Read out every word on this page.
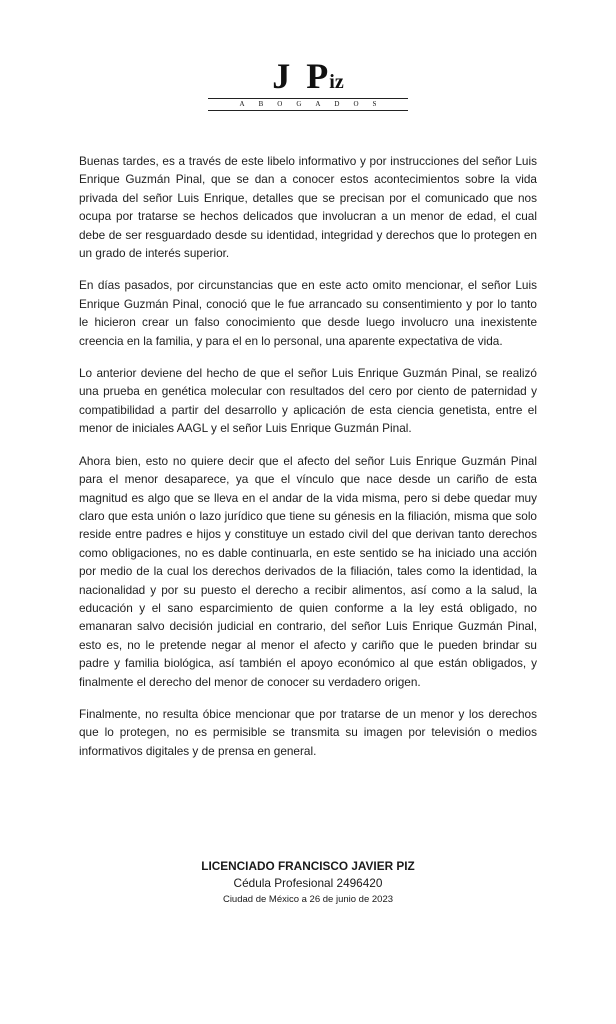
J Piz
ABOGADOS

Buenas tardes, es a través de este libelo informativo y por instrucciones del señor Luis Enrique Guzmán Pinal, que se dan a conocer estos acontecimientos sobre la vida privada del señor Luis Enrique, detalles que se precisan por el comunicado que nos ocupa por tratarse se hechos delicados que involucran a un menor de edad, el cual debe de ser resguardado desde su identidad, integridad y derechos que lo protegen en un grado de interés superior.

En días pasados, por circunstancias que en este acto omito mencionar, el señor Luis Enrique Guzmán Pinal, conoció que le fue arrancado su consentimiento y por lo tanto le hicieron crear un falso conocimiento que desde luego involucro una inexistente creencia en la familia, y para el en lo personal, una aparente expectativa de vida.

Lo anterior deviene del hecho de que el señor Luis Enrique Guzmán Pinal, se realizó una prueba en genética molecular con resultados del cero por ciento de paternidad y compatibilidad a partir del desarrollo y aplicación de esta ciencia genetista, entre el menor de iniciales AAGL y el señor Luis Enrique Guzmán Pinal.

Ahora bien, esto no quiere decir que el afecto del señor Luis Enrique Guzmán Pinal para el menor desaparece, ya que el vínculo que nace desde un cariño de esta magnitud es algo que se lleva en el andar de la vida misma, pero si debe quedar muy claro que esta unión o lazo jurídico que tiene su génesis en la filiación, misma que solo reside entre padres e hijos y constituye un estado civil del que derivan tanto derechos como obligaciones, no es dable continuarla, en este sentido se ha iniciado una acción por medio de la cual los derechos derivados de la filiación, tales como la identidad, la nacionalidad y por su puesto el derecho a recibir alimentos, así como a la salud, la educación y el sano esparcimiento de quien conforme a la ley está obligado, no emanaran salvo decisión judicial en contrario, del señor Luis Enrique Guzmán Pinal, esto es, no le pretende negar al menor el afecto y cariño que le pueden brindar su padre y familia biológica, así también el apoyo económico al que están obligados, y finalmente el derecho del menor de conocer su verdadero origen.

Finalmente, no resulta óbice mencionar que por tratarse de un menor y los derechos que lo protegen, no es permisible se transmita su imagen por televisión o medios informativos digitales y de prensa en general.

LICENCIADO FRANCISCO JAVIER PIZ
Cédula Profesional 2496420
Ciudad de México a 26 de junio de 2023
